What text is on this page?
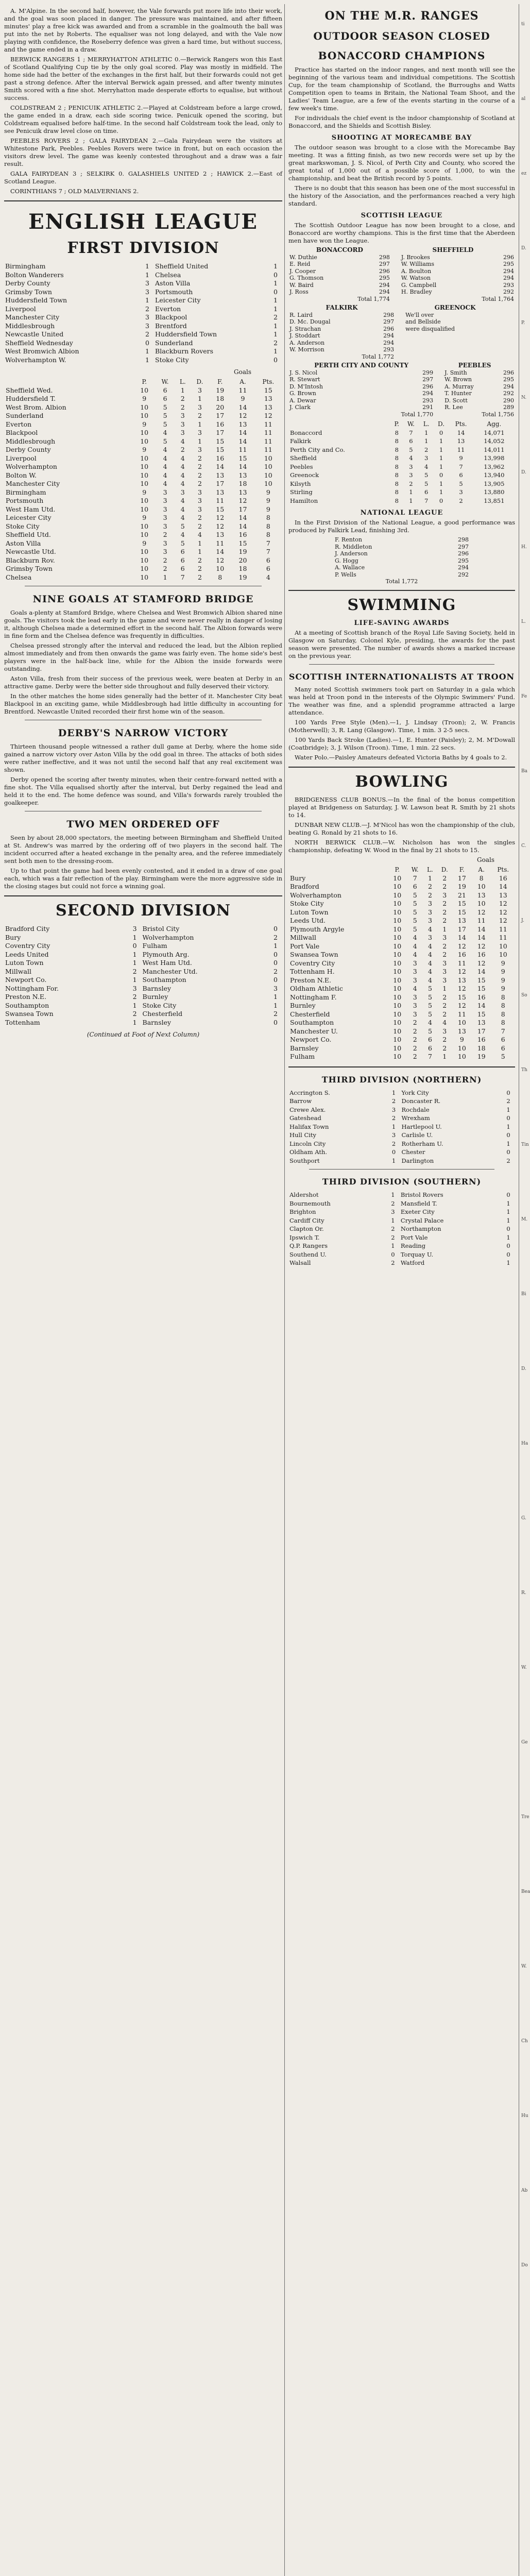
A. M'Alpine. In the second half, however, the Vale forwards put more life into their work, and the goal was soon placed in danger. The pressure was maintained, and after fifteen minutes' play a free kick was awarded and from a scramble in the goalmouth the ball was put into the net by Roberts. The equaliser was not long delayed, and with the Vale now playing with confidence, the Roseberry defence was given a hard time, but without success, and the game ended in a draw.

BERWICK RANGERS 1 ; MERRYHATTON ATHLETIC 0.—Berwick Rangers won this East of Scotland Qualifying Cup tie by the only goal scored. Play was mostly in midfield. The home side had the better of the exchanges in the first half, but their forwards could not get past a strong defence. After the interval Berwick again pressed, and after twenty minutes Smith scored with a fine shot. Merryhatton made desperate efforts to equalise, but without success.

COLDSTREAM 2 ; PENICUIK ATHLETIC 2.—Played at Coldstream before a large crowd, the game ended in a draw, each side scoring twice. Penicuik opened the scoring, but Coldstream equalised before half-time. In the second half Coldstream took the lead, only to see Penicuik draw level close on time.

PEEBLES ROVERS 2 ; GALA FAIRYDEAN 2.—Gala Fairydean were the visitors at Whitestone Park, Peebles. Peebles Rovers were twice in front, but on each occasion the visitors drew level. The game was keenly contested throughout and a draw was a fair result.

GALA FAIRYDEAN 3 ; SELKIRK 0. GALASHIELS UNITED 2 ; HAWICK 2.—East of Scotland League.

CORINTHIANS 7 ; OLD MALVERNIANS 2.

ENGLISH LEAGUE
FIRST DIVISION
Birmingham	1	Sheffield United	1
Bolton Wanderers	1	Chelsea	0
Derby County	3	Aston Villa	1
Grimsby Town	3	Portsmouth	0
Huddersfield Town	1	Leicester City	1
Liverpool	2	Everton	1
Manchester City	3	Blackpool	2
Middlesbrough	3	Brentford	1
Newcastle United	2	Huddersfield Town	1
Sheffield Wednesday	0	Sunderland	2
West Bromwich Albion	1	Blackburn Rovers	1
Wolverhampton W.	1	Stoke City	0
Goals
	P.	W.	L.	D.	F.	A.	Pts.
Sheffield Wed.	10	6	1	3	19	11	15
Huddersfield T.	9	6	2	1	18	9	13
West Brom. Albion	10	5	2	3	20	14	13
Sunderland	10	5	3	2	17	12	12
Everton	9	5	3	1	16	13	11
Blackpool	10	4	3	3	17	14	11
Middlesbrough	10	5	4	1	15	14	11
Derby County	9	4	2	3	15	11	11
Liverpool	10	4	4	2	16	15	10
Wolverhampton	10	4	4	2	14	14	10
Bolton W.	10	4	4	2	13	13	10
Manchester City	10	4	4	2	17	18	10
Birmingham	9	3	3	3	13	13	9
Portsmouth	10	3	4	3	11	12	9
West Ham Utd.	10	3	4	3	15	17	9
Leicester City	9	3	4	2	12	14	8
Stoke City	10	3	5	2	12	14	8
Sheffield Utd.	10	2	4	4	13	16	8
Aston Villa	9	3	5	1	11	15	7
Newcastle Utd.	10	3	6	1	14	19	7
Blackburn Rov.	10	2	6	2	12	20	6
Grimsby Town	10	2	6	2	10	18	6
Chelsea	10	1	7	2	8	19	4
NINE GOALS AT STAMFORD BRIDGE

Goals a-plenty at Stamford Bridge, where Chelsea and West Bromwich Albion shared nine goals. The visitors took the lead early in the game and were never really in danger of losing it, although Chelsea made a determined effort in the second half. The Albion forwards were in fine form and the Chelsea defence was frequently in difficulties.

Chelsea pressed strongly after the interval and reduced the lead, but the Albion replied almost immediately and from then onwards the game was fairly even. The home side's best players were in the half-back line, while for the Albion the inside forwards were outstanding.

Aston Villa, fresh from their success of the previous week, were beaten at Derby in an attractive game. Derby were the better side throughout and fully deserved their victory.

In the other matches the home sides generally had the better of it. Manchester City beat Blackpool in an exciting game, while Middlesbrough had little difficulty in accounting for Brentford. Newcastle United recorded their first home win of the season.

DERBY'S NARROW VICTORY

Thirteen thousand people witnessed a rather dull game at Derby, where the home side gained a narrow victory over Aston Villa by the odd goal in three. The attacks of both sides were rather ineffective, and it was not until the second half that any real excitement was shown.

Derby opened the scoring after twenty minutes, when their centre-forward netted with a fine shot. The Villa equalised shortly after the interval, but Derby regained the lead and held it to the end. The home defence was sound, and Villa's forwards rarely troubled the goalkeeper.

TWO MEN ORDERED OFF

Seen by about 28,000 spectators, the meeting between Birmingham and Sheffield United at St. Andrew's was marred by the ordering off of two players in the second half. The incident occurred after a heated exchange in the penalty area, and the referee immediately sent both men to the dressing-room.

Up to that point the game had been evenly contested, and it ended in a draw of one goal each, which was a fair reflection of the play. Birmingham were the more aggressive side in the closing stages but could not force a winning goal.

SECOND DIVISION
Bradford City	3	Bristol City	0
Bury	1	Wolverhampton	2
Coventry City	0	Fulham	1
Leeds United	1	Plymouth Arg.	0
Luton Town	1	West Ham Utd.	0
Millwall	2	Manchester Utd.	2
Newport Co.	1	Southampton	0
Nottingham For.	3	Barnsley	3
Preston N.E.	2	Burnley	1
Southampton	1	Stoke City	1
Swansea Town	2	Chesterfield	2
Tottenham	1	Barnsley	0
(Continued at Foot of Next Column)
ON THE M.R. RANGES
OUTDOOR SEASON CLOSED
BONACCORD CHAMPIONS

Practice has started on the indoor ranges, and next month will see the beginning of the various team and individual competitions. The Scottish Cup, for the team championship of Scotland, the Burroughs and Watts Competition open to teams in Britain, the National Team Shoot, and the Ladies' Team League, are a few of the events starting in the course of a few week's time.

For individuals the chief event is the indoor championship of Scotland at Bonaccord, and the Shields and Scottish Bisley.

SHOOTING AT MORECAMBE BAY

The outdoor season was brought to a close with the Morecambe Bay meeting. It was a fitting finish, as two new records were set up by the great markswoman, J. S. Nicol, of Perth City and County, who scored the great total of 1,000 out of a possible score of 1,000, to win the championship, and beat the British record by 5 points.

There is no doubt that this season has been one of the most successful in the history of the Association, and the performances reached a very high standard.

SCOTTISH LEAGUE

The Scottish Outdoor League has now been brought to a close, and Bonaccord are worthy champions. This is the first time that the Aberdeen men have won the League.

BONACCORD		SHEFFIELD	
W. Duthie	298	J. Brookes	296
E. Reid	297	W. Williams	295
J. Cooper	296	A. Boulton	294
G. Thomson	295	W. Watson	294
W. Baird	294	G. Campbell	293
J. Ross	294	H. Bradley	292
Total 1,774		Total 1,764	
FALKIRK		GREENOCK	
R. Laird	298	We'll over	
D. Mc. Dougal	297	and Bellside	
J. Strachan	296	were disqualified	
J. Stoddart	294		
A. Anderson	294		
W. Morrison	293		
Total 1,772			
PERTH CITY AND COUNTY		PEEBLES	
J. S. Nicol	299	J. Smith	296
R. Stewart	297	W. Brown	295
D. M'Intosh	296	A. Murray	294
G. Brown	294	T. Hunter	292
A. Dewar	293	D. Scott	290
J. Clark	291	R. Lee	289
Total 1,770		Total 1,756	
	P.	W.	L.	D.	Pts.	Agg.
Bonaccord	8	7	1	0	14	14,071
Falkirk	8	6	1	1	13	14,052
Perth City and Co.	8	5	2	1	11	14,011
Sheffield	8	4	3	1	9	13,998
Peebles	8	3	4	1	7	13,962
Greenock	8	3	5	0	6	13,940
Kilsyth	8	2	5	1	5	13,905
Stirling	8	1	6	1	3	13,880
Hamilton	8	1	7	0	2	13,851
NATIONAL LEAGUE

In the First Division of the National League, a good performance was produced by Falkirk Lead, finishing 3rd.

F. Renton	298
R. Middleton	297
J. Anderson	296
G. Hogg	295
A. Wallace	294
P. Wells	292
Total 1,772
SWIMMING
LIFE-SAVING AWARDS

At a meeting of Scottish branch of the Royal Life Saving Society, held in Glasgow on Saturday, Colonel Kyle, presiding, the awards for the past season were presented. The number of awards shows a marked increase on the previous year.

SCOTTISH INTERNATIONALISTS AT TROON

Many noted Scottish swimmers took part on Saturday in a gala which was held at Troon pond in the interests of the Olympic Swimmers' Fund. The weather was fine, and a splendid programme attracted a large attendance.

100 Yards Free Style (Men).—1, J. Lindsay (Troon); 2, W. Francis (Motherwell); 3, R. Lang (Glasgow). Time, 1 min. 3 2-5 secs.

100 Yards Back Stroke (Ladies).—1, E. Hunter (Paisley); 2, M. M'Dowall (Coatbridge); 3, J. Wilson (Troon). Time, 1 min. 22 secs.

Water Polo.—Paisley Amateurs defeated Victoria Baths by 4 goals to 2.

BOWLING

BRIDGENESS CLUB BONUS.—In the final of the bonus competition played at Bridgeness on Saturday, J. W. Lawson beat R. Smith by 21 shots to 14.

DUNBAR NEW CLUB.—J. M'Nicol has won the championship of the club, beating G. Ronald by 21 shots to 16.

NORTH BERWICK CLUB.—W. Nicholson has won the singles championship, defeating W. Wood in the final by 21 shots to 15.

Goals
	P.	W.	L.	D.	F.	A.	Pts.
Bury	10	7	1	2	17	8	16
Bradford	10	6	2	2	19	10	14
Wolverhampton	10	5	2	3	21	13	13
Stoke City	10	5	3	2	15	10	12
Luton Town	10	5	3	2	15	12	12
Leeds Utd.	10	5	3	2	13	11	12
Plymouth Argyle	10	5	4	1	17	14	11
Millwall	10	4	3	3	14	14	11
Port Vale	10	4	4	2	12	12	10
Swansea Town	10	4	4	2	16	16	10
Coventry City	10	3	4	3	11	12	9
Tottenham H.	10	3	4	3	12	14	9
Preston N.E.	10	3	4	3	13	15	9
Oldham Athletic	10	4	5	1	12	15	9
Nottingham F.	10	3	5	2	15	16	8
Burnley	10	3	5	2	12	14	8
Chesterfield	10	3	5	2	11	15	8
Southampton	10	2	4	4	10	13	8
Manchester U.	10	2	5	3	13	17	7
Newport Co.	10	2	6	2	9	16	6
Barnsley	10	2	6	2	10	18	6
Fulham	10	2	7	1	10	19	5
THIRD DIVISION (NORTHERN)
Accrington S.	1	York City	0
Barrow	2	Doncaster R.	2
Crewe Alex.	3	Rochdale	1
Gateshead	2	Wrexham	0
Halifax Town	1	Hartlepool U.	1
Hull City	3	Carlisle U.	0
Lincoln City	2	Rotherham U.	1
Oldham Ath.	0	Chester	0
Southport	1	Darlington	2
THIRD DIVISION (SOUTHERN)
Aldershot	1	Bristol Rovers	0
Bournemouth	2	Mansfield T.	1
Brighton	3	Exeter City	1
Cardiff City	1	Crystal Palace	1
Clapton Or.	2	Northampton	0
Ipswich T.	2	Port Vale	1
Q.P. Rangers	1	Reading	0
Southend U.	0	Torquay U.	0
Walsall	2	Watford	1
ti
al
ez
D.
P.
N.
D.
H.
L.
Fe
Ba
C.
J.
So
Th
Tin
M.
Bi
D.
Ha
G.
R.
W.
Ge
Tre
Bea
W.
Ch
Hu
Ab
Do
